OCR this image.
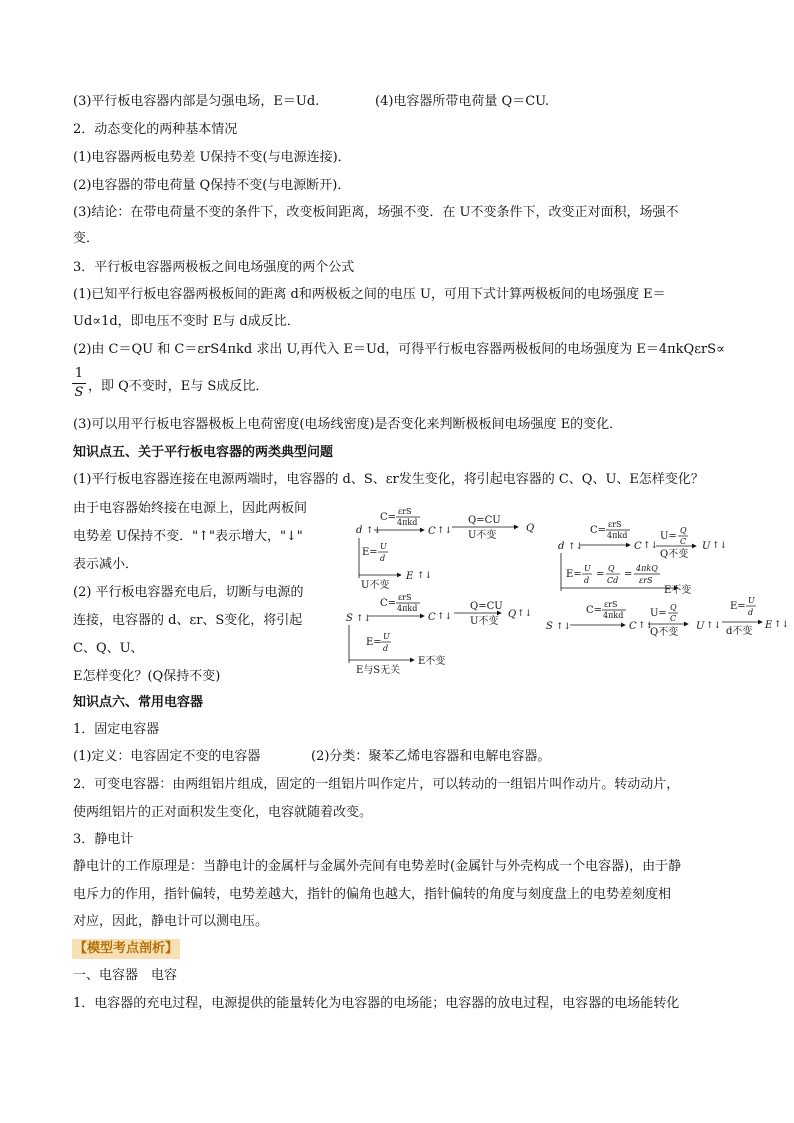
(3)平行板电容器内部是匀强电场，E＝Ud.	(4)电容器所带电荷量 Q＝CU.
2．动态变化的两种基本情况
(1)电容器两板电势差 U保持不变(与电源连接)．
(2)电容器的带电荷量 Q保持不变(与电源断开)．
(3)结论：在带电荷量不变的条件下，改变板间距离，场强不变．在 U不变条件下，改变正对面积，场强不
变．
3．平行板电容器两极板之间电场强度的两个公式
(1)已知平行板电容器两极板间的距离 d和两极板之间的电压 U，可用下式计算两极板间的电场强度 E＝
Ud∝1d，即电压不变时 E与 d成反比．
(2)由 C＝QU 和 C＝εrS4πkd 求出 U,再代入 E＝Ud，可得平行板电容器两极板间的电场强度为 E＝4πkQεrS∝
1
S ，即 Q不变时，E与 S成反比．
(3)可以用平行板电容器极板上电荷密度(电场线密度)是否变化来判断极板间电场强度 E的变化．
知识点五、关于平行板电容器的两类典型问题
(1)平行板电容器连接在电源两端时，电容器的 d、S、εr发生变化，将引起电容器的 C、Q、U、E怎样变化？
由于电容器始终接在电源上，因此两板间
电势差 U保持不变．"↑"表示增大，"↓"
表示减小．
(2) 平行板电容器充电后，切断与电源的
连接，电容器的 d、εr、S变化，将引起
C、Q、U、
E怎样变化？(Q保持不变)
d ↑↓
C=
εrS
4πkd
C ↑↓
Q=CU
U不变
Q
E=
U
d
U不变
E ↑↓
S ↑↓
C=
εrS
4πkd
C ↑↓
Q=CU
U不变
Q ↑↓
E=
U
d
E与S无关
E不变
d ↑↓
C=
εrS
4πkd
C ↑↓
U=
Q
C
Q不变
U ↑↓
E=
U
d
=
Q
Cd
=
4πkQ
εrS
E不变
S ↑↓
C=
εrS
4πkd
C ↑↓
U=
Q
C
Q不变
U ↑↓
E=
U
d
d不变
E ↑↓
知识点六、常用电容器
1．固定电容器
(1)定义：电容固定不变的电容器	(2)分类：聚苯乙烯电容器和电解电容器。
2．可变电容器：由两组铝片组成，固定的一组铝片叫作定片，可以转动的一组铝片叫作动片。转动动片，
使两组铝片的正对面积发生变化，电容就随着改变。
3．静电计
静电计的工作原理是：当静电计的金属杆与金属外壳间有电势差时(金属针与外壳构成一个电容器)，由于静
电斥力的作用，指针偏转，电势差越大，指针的偏角也越大，指针偏转的角度与刻度盘上的电势差刻度相
对应，因此，静电计可以测电压。
【模型考点剖析】
一、电容器　电容
1．电容器的充电过程，电源提供的能量转化为电容器的电场能；电容器的放电过程，电容器的电场能转化
